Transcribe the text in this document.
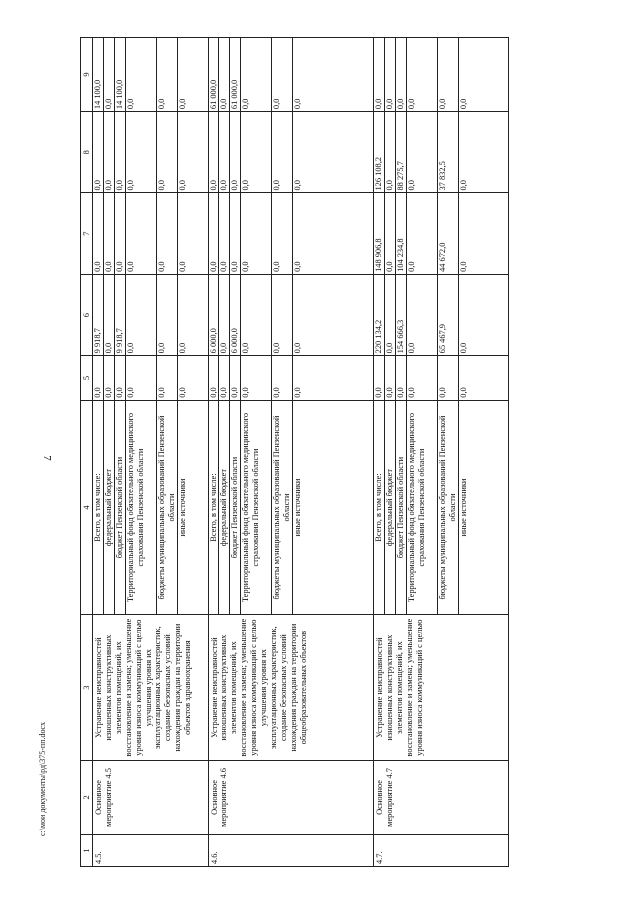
7
c:\мои документы\рд\375-пп.docx
1	2	3	4	5	6	7	8	9
4.5.	Основное мероприятие 4.5	Устранение неисправностей изношенных конструктивных элементов помещений, их восстановление и замена; уменьшение уровня износа коммуникаций с целью улучшения уровня их эксплуатационных характеристик, создание безопасных условий нахождения граждан на территории объектов здравоохранения	Всего, в том числе:	0,0	9 918,7	0,0	0,0	14 100,0
			федеральный бюджет	0,0	0,0	0,0	0,0	0,0
			бюджет Пензенской области	0,0	9 918,7	0,0	0,0	14 100,0
			Территориальный фонд обязательного медицинского страхования Пензенской области	0,0	0,0	0,0	0,0	0,0
			бюджеты муниципальных образований Пензенской области	0,0	0,0	0,0	0,0	0,0
			иные источники	0,0	0,0	0,0	0,0	0,0
4.6.	Основное мероприятие 4.6	Устранение неисправностей изношенных конструктивных элементов помещений, их восстановление и замена; уменьшение уровня износа коммуникаций с целью улучшения уровня их эксплуатационных характеристик, создание безопасных условий нахождения граждан на территории общеобразовательных объектов	Всего, в том числе:	0,0	6 000,0	0,0	0,0	61 000,0
			федеральный бюджет	0,0	0,0	0,0	0,0	0,0
			бюджет Пензенской области	0,0	6 000,0	0,0	0,0	61 000,0
			Территориальный фонд обязательного медицинского страхования Пензенской области	0,0	0,0	0,0	0,0	0,0
			бюджеты муниципальных образований Пензенской области	0,0	0,0	0,0	0,0	0,0
			иные источники	0,0	0,0	0,0	0,0	0,0
4.7.	Основное мероприятие 4.7	Устранение неисправностей изношенных конструктивных элементов помещений, их восстановление и замена; уменьшение уровня износа коммуникаций с целью	Всего, в том числе:	0,0	220 134,2	148 906,8	126 108,2	0,0
			федеральный бюджет	0,0	0,0	0,0	0,0	0,0
			бюджет Пензенской области	0,0	154 666,3	104 234,8	88 275,7	0,0
			Территориальный фонд обязательного медицинского страхования Пензенской области	0,0	0,0	0,0	0,0	0,0
			бюджеты муниципальных образований Пензенской области	0,0	65 467,9	44 672,0	37 832,5	0,0
			иные источники	0,0	0,0	0,0	0,0	0,0
